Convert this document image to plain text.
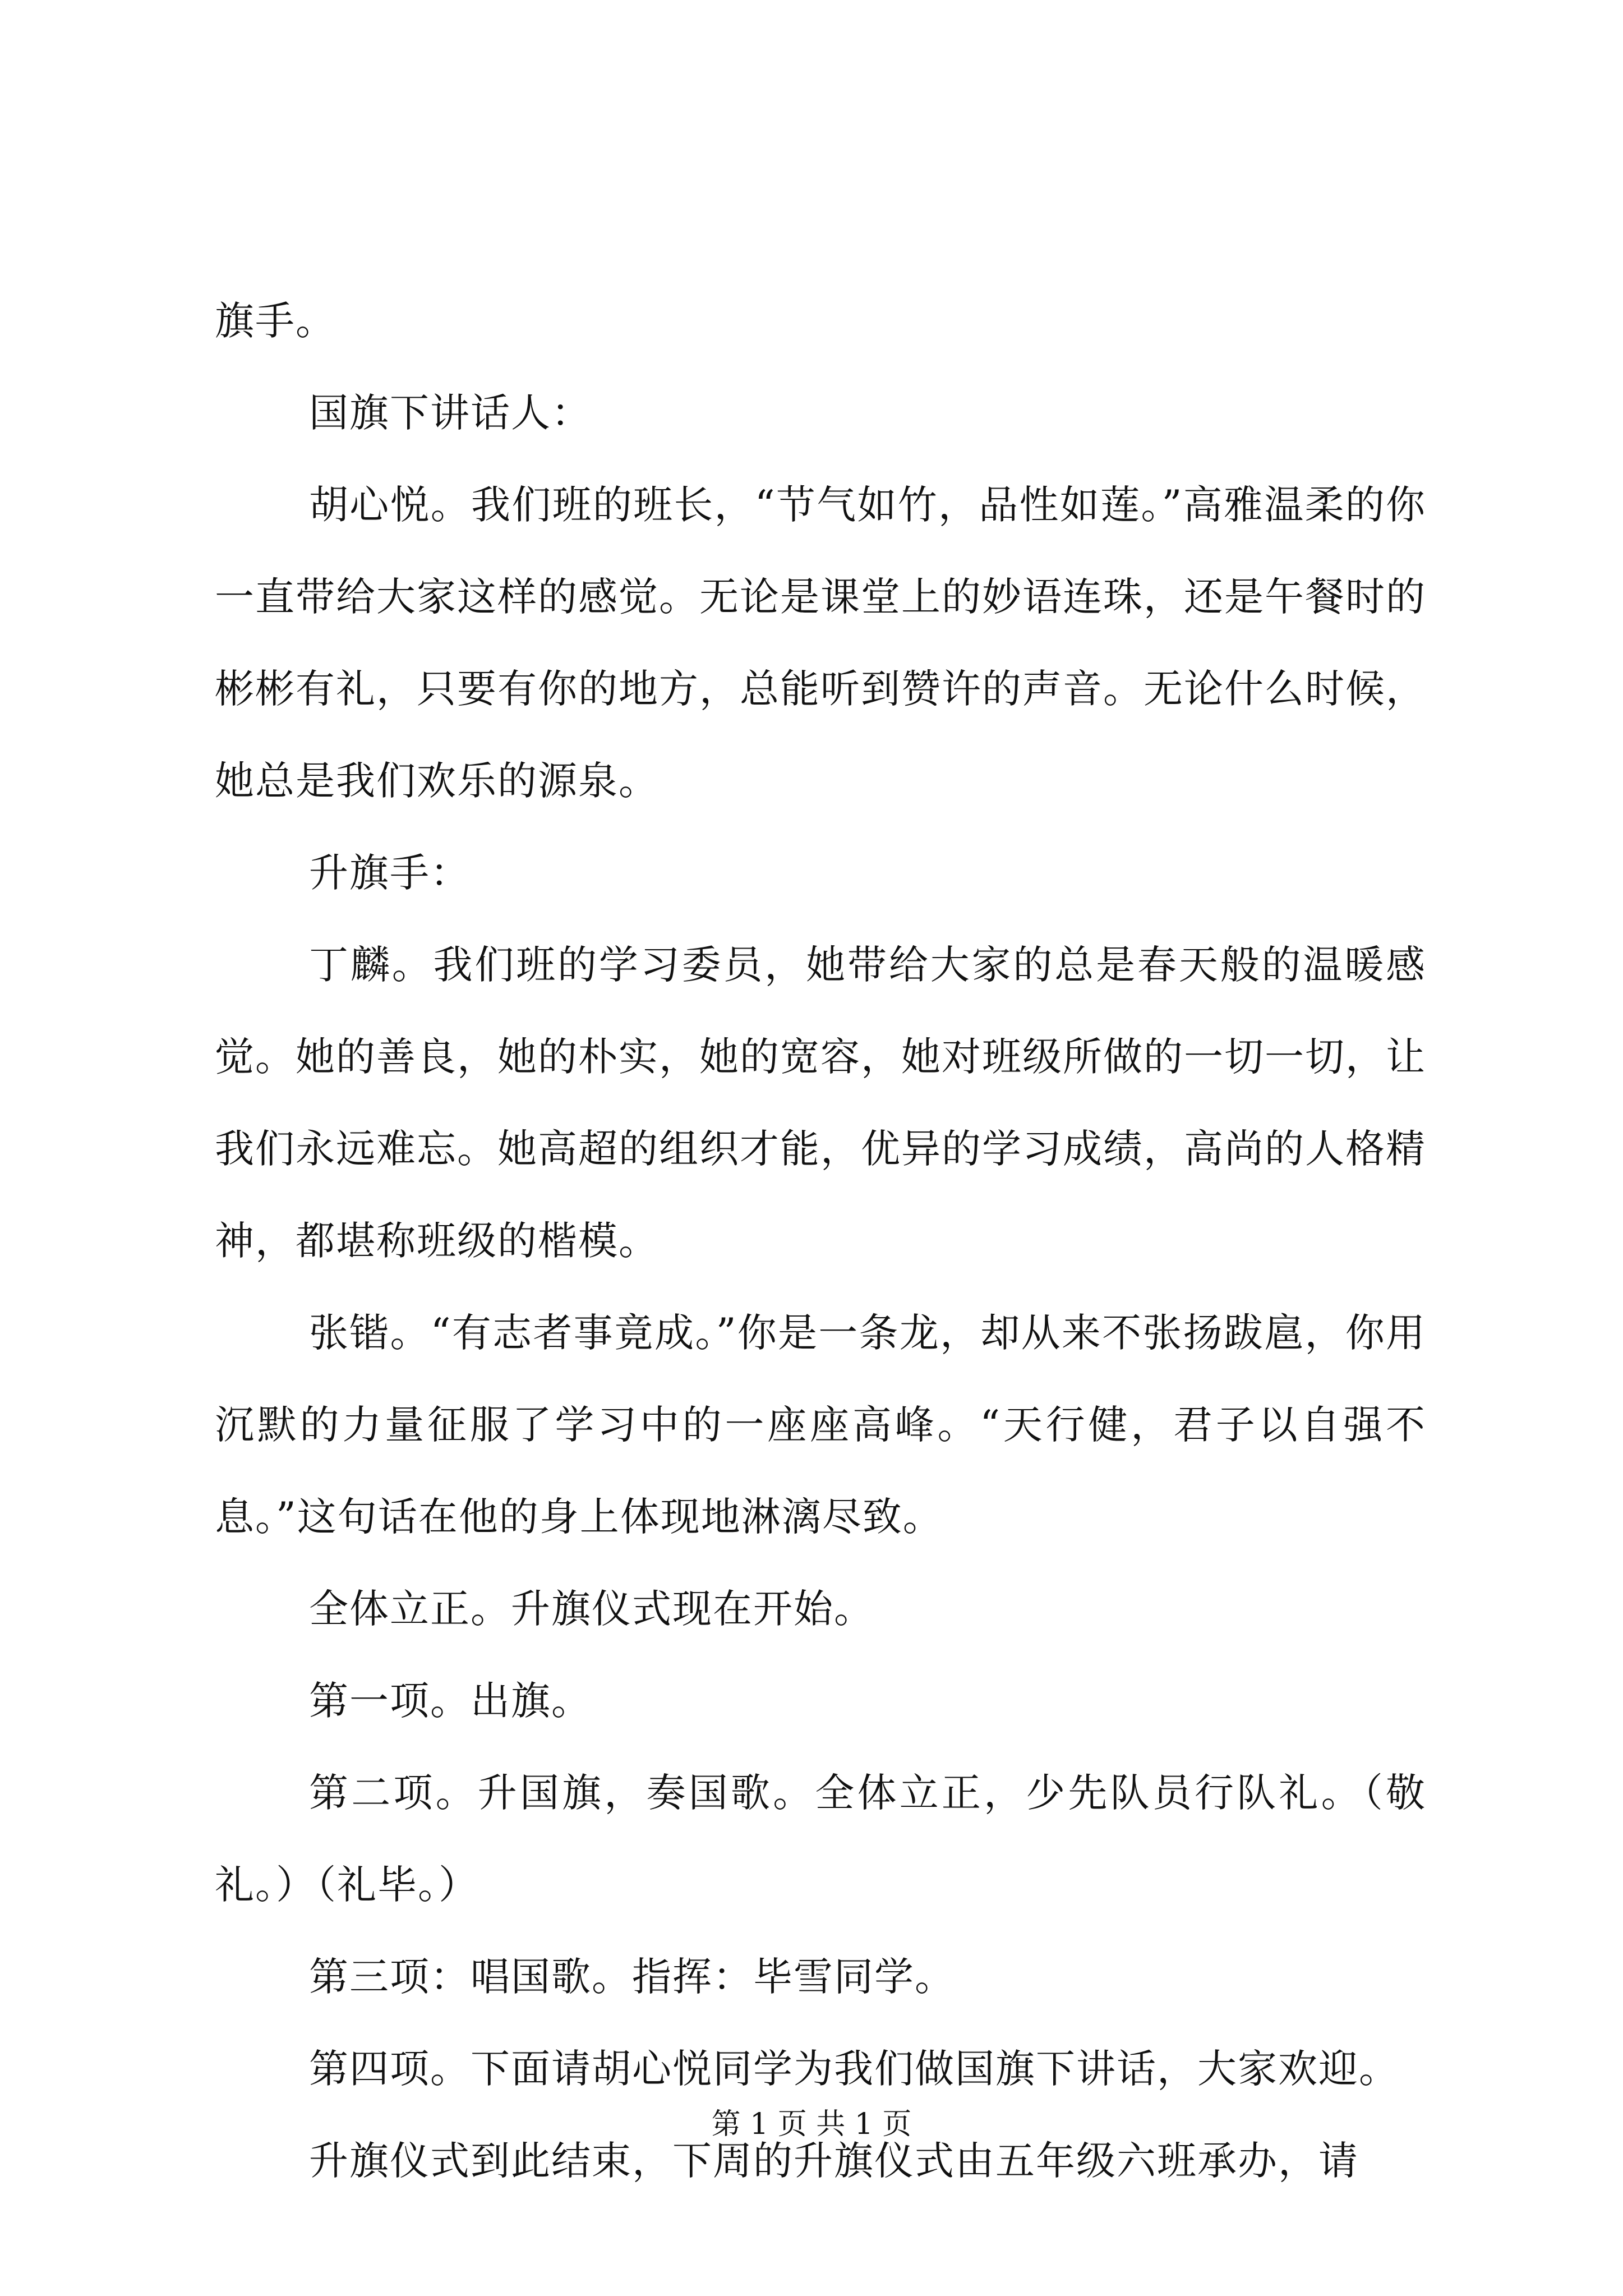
旗手。

国旗下讲话人：

胡心悦。我们班的班长，“节气如竹，品性如莲。”高雅温柔的你一直带给大家这样的感觉。无论是课堂上的妙语连珠，还是午餐时的彬彬有礼，只要有你的地方，总能听到赞许的声音。无论什么时候，她总是我们欢乐的源泉。

升旗手：

丁麟。我们班的学习委员，她带给大家的总是春天般的温暖感觉。她的善良，她的朴实，她的宽容，她对班级所做的一切一切，让我们永远难忘。她高超的组织才能，优异的学习成绩，高尚的人格精神，都堪称班级的楷模。

张锴。“有志者事竟成。”你是一条龙，却从来不张扬跋扈，你用沉默的力量征服了学习中的一座座高峰。“天行健，君子以自强不息。”这句话在他的身上体现地淋漓尽致。

全体立正。升旗仪式现在开始。

第一项。出旗。

第二项。升国旗，奏国歌。全体立正，少先队员行队礼。（敬礼。）（礼毕。）

第三项：唱国歌。指挥：毕雪同学。

第四项。下面请胡心悦同学为我们做国旗下讲话，大家欢迎。

升旗仪式到此结束，下周的升旗仪式由五年级六班承办，请

第 1 页 共 1 页
